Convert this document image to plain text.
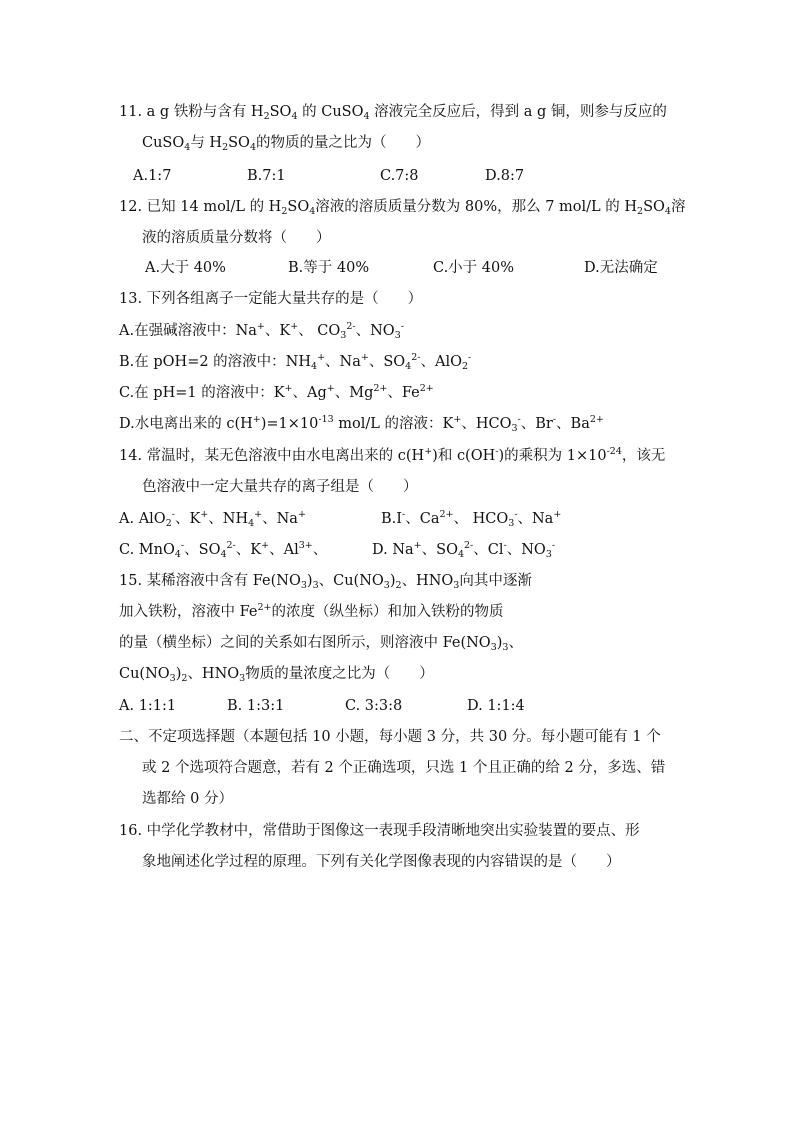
11. a g 铁粉与含有 $H_2SO_4$ 的 CuSO$_4$ 溶液完全反应后，得到 a g 铜，则参与反应的
CuSO$_4$与 $H_2SO_4$的物质的量之比为（　　）
A.1:7	B.7:1	C.7:8	D.8:7
12. 已知 14 mol/L 的 $H_2SO_4$溶液的溶质质量分数为 80%，那么 7 mol/L 的 $H_2SO_4$溶
液的溶质质量分数将（　　）
A.大于 40%	B.等于 40%	C.小于 40%	D.无法确定
13. 下列各组离子一定能大量共存的是（　　）
A.在强碱溶液中：Na+、K+、 $CO_3^{2-}$、$NO_3^-$
B.在 pOH=2 的溶液中：$NH_4^+$、Na+、$SO_4^{2-}$、AlO$_2$-
C.在 pH=1 的溶液中：K+、Ag+、$Mg^{2+}$、$Fe^{2+}$
D.水电离出来的 $c(H^+)=1\times 10^{-13}$ mol/L 的溶液：K+、$HCO_3^-$、Br-、$Ba^{2+}$
14. 常温时，某无色溶液中由水电离出来的 c(H+)和 c(OH-)的乘积为 $1\times 10^{-24}$，该无
色溶液中一定大量共存的离子组是（　　）
A. AlO$_2$-、K+、$NH_4^+$、Na+	B.I-、$Ca^{2+}$、 $HCO_3^-$、Na+
C. MnO$_4$-、$SO_4^{2-}$、K+、$Al^{3+}$、	D. Na+、$SO_4^{2-}$、Cl-、$NO_3^-$
15. 某稀溶液中含有 $Fe(NO_3)_3$、$Cu(NO_3)_2$、$HNO_3$向其中逐渐
加入铁粉，溶液中 $Fe^{2+}$的浓度（纵坐标）和加入铁粉的物质
的量（横坐标）之间的关系如右图所示，则溶液中 $Fe(NO_3)_3$、
$Cu(NO_3)_2$、$HNO_3$物质的量浓度之比为（　　）
A. 1:1:1	B. 1:3:1	C. 3:3:8	D. 1:1:4
二、不定项选择题（本题包括 10 小题，每小题 3 分，共 30 分。每小题可能有 1 个
或 2 个选项符合题意，若有 2 个正确选项，只选 1 个且正确的给 2 分，多选、错
选都给 0 分）
16. 中学化学教材中，常借助于图像这一表现手段清晰地突出实验装置的要点、形
象地阐述化学过程的原理。下列有关化学图像表现的内容错误的是（　　）
